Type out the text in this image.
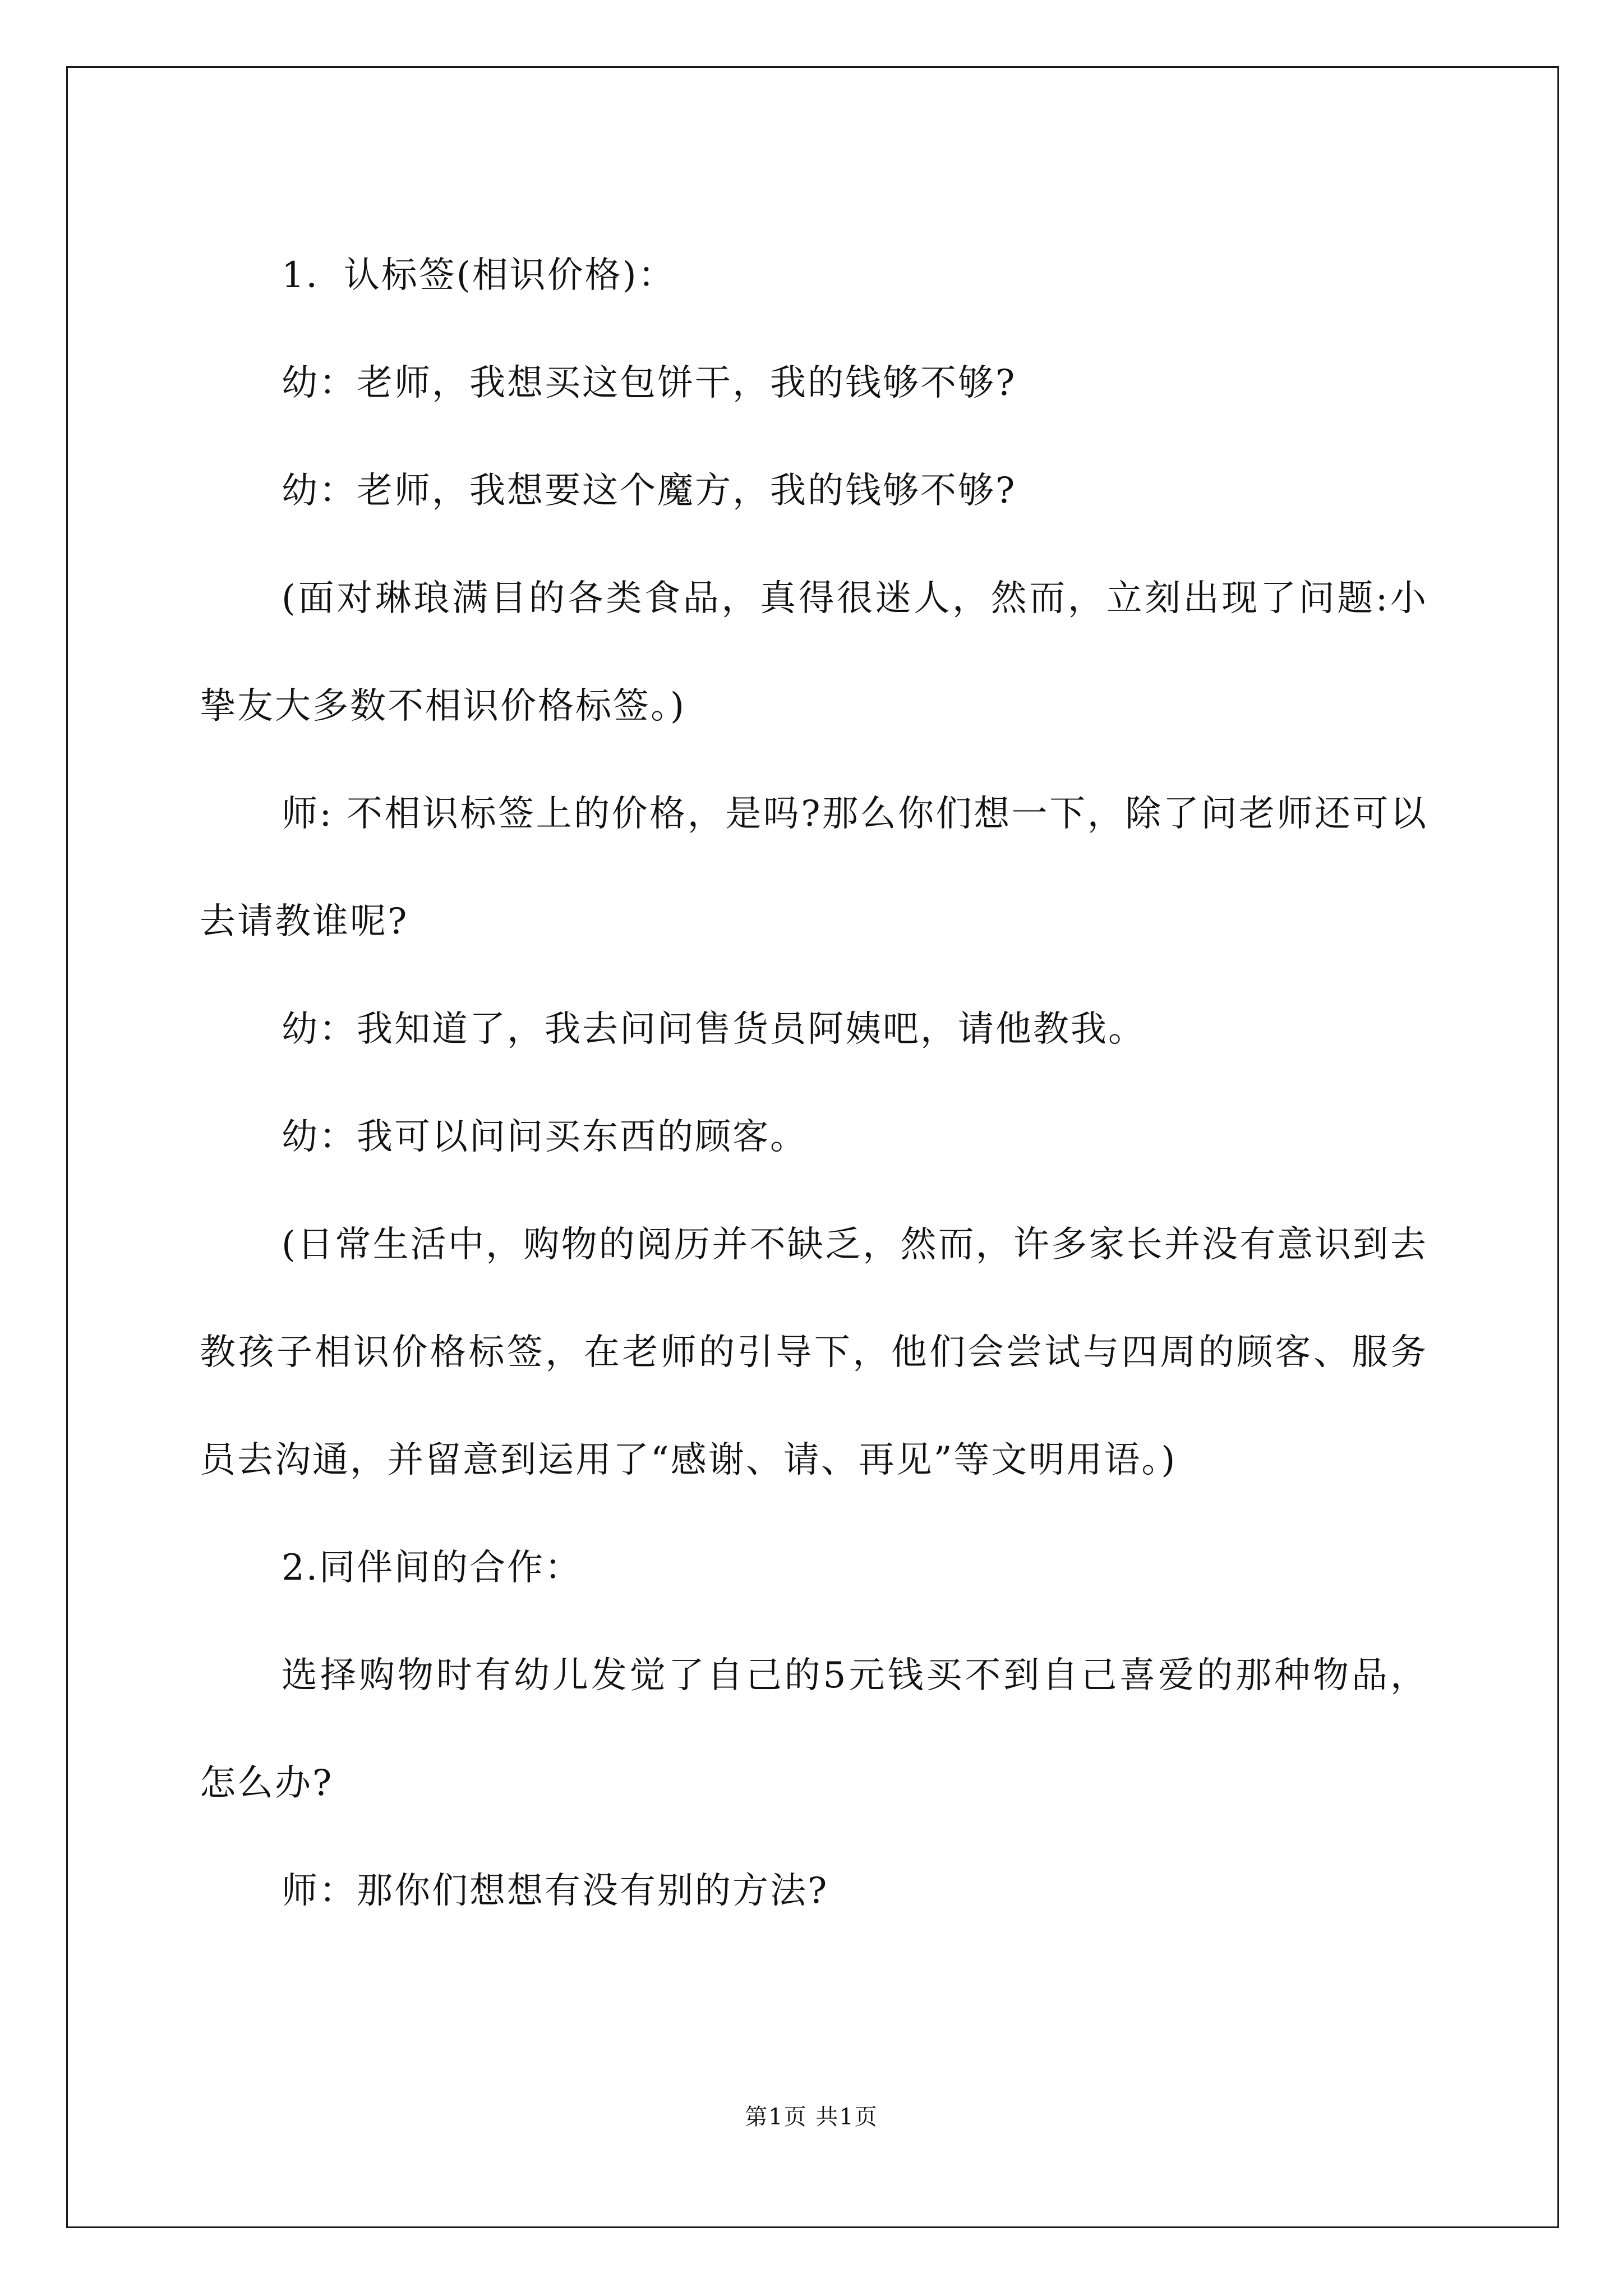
1．认标签(相识价格)：

幼：老师，我想买这包饼干，我的钱够不够?

幼：老师，我想要这个魔方，我的钱够不够?

(面对琳琅满目的各类食品，真得很迷人，然而，立刻出现了问题:小挚友大多数不相识价格标签。)

师: 不相识标签上的价格，是吗?那么你们想一下，除了问老师还可以去请教谁呢?

幼：我知道了，我去问问售货员阿姨吧，请他教我。

幼：我可以问问买东西的顾客。

(日常生活中，购物的阅历并不缺乏，然而，许多家长并没有意识到去教孩子相识价格标签，在老师的引导下，他们会尝试与四周的顾客、服务员去沟通，并留意到运用了“感谢、请、再见”等文明用语。)

2.同伴间的合作：

选择购物时有幼儿发觉了自己的5元钱买不到自己喜爱的那种物品，怎么办?

师：那你们想想有没有别的方法?

第1页 共1页
